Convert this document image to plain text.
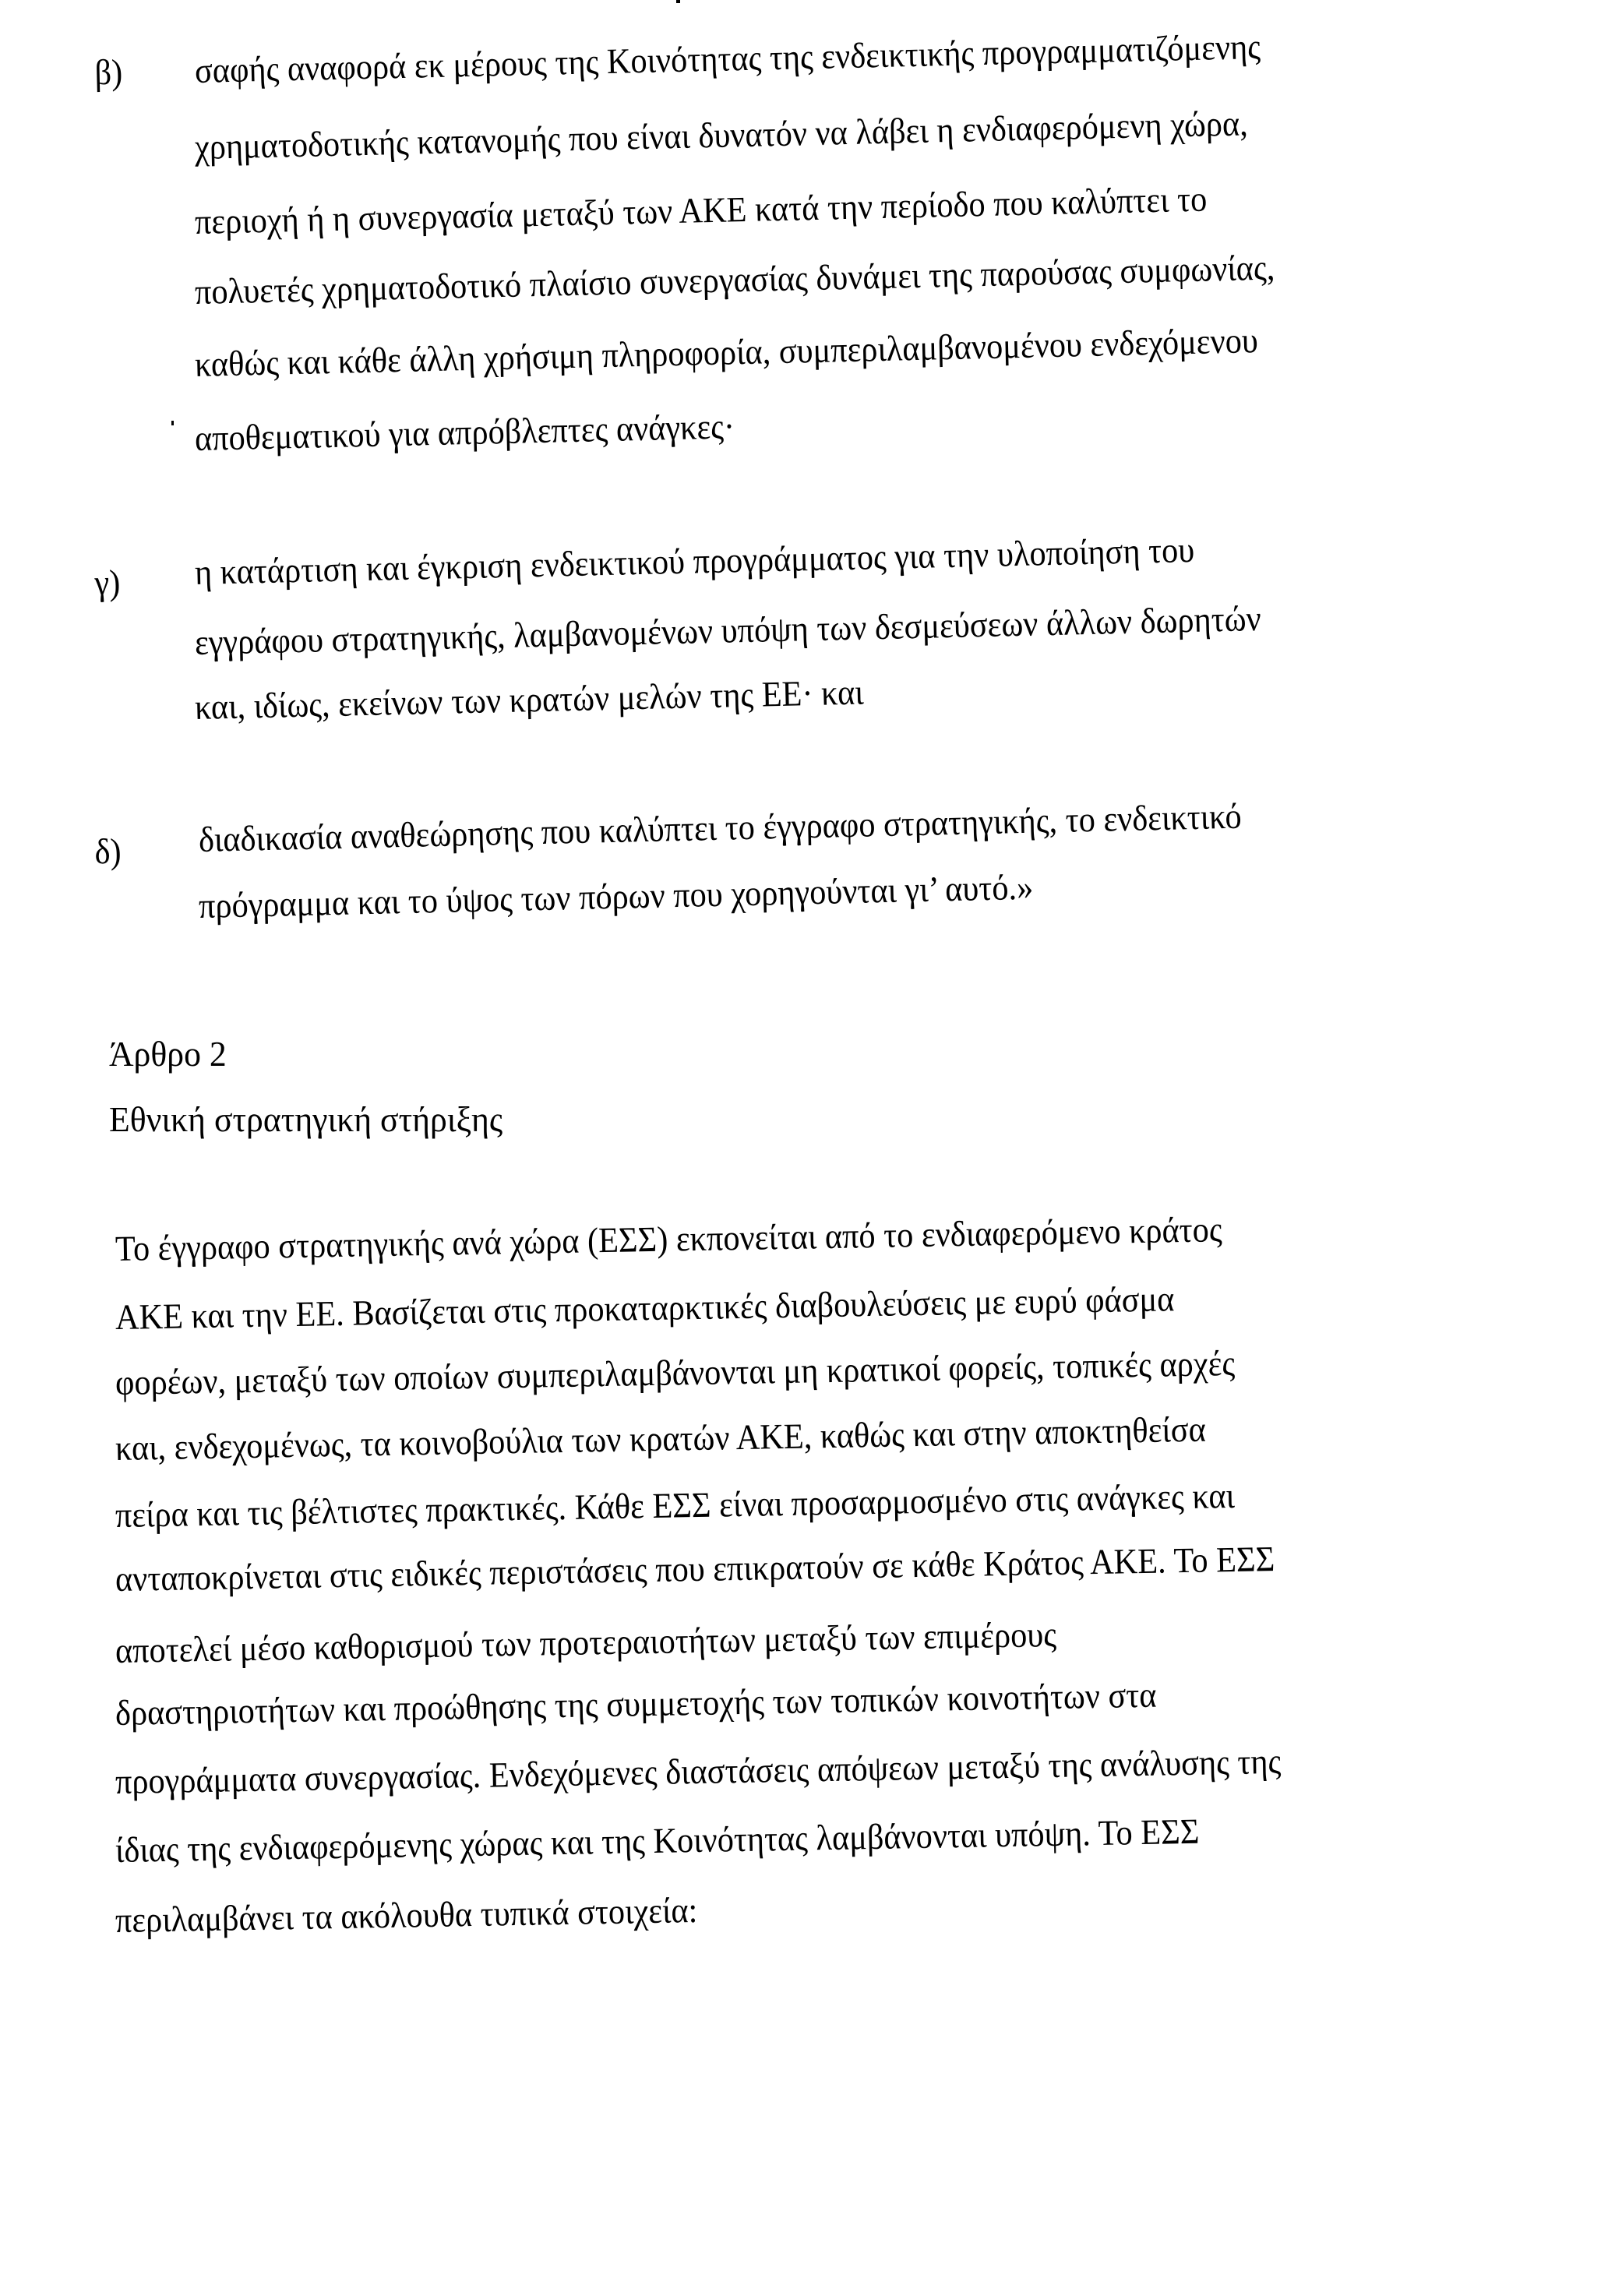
β) σαφής αναφορά εκ μέρους της Κοινότητας της ενδεικτικής προγραμματιζόμενης
χρηματοδοτικής κατανομής που είναι δυνατόν να λάβει η ενδιαφερόμενη χώρα,
περιοχή ή η συνεργασία μεταξύ των ΑΚΕ κατά την περίοδο που καλύπτει το
πολυετές χρηματοδοτικό πλαίσιο συνεργασίας δυνάμει της παρούσας συμφωνίας,
καθώς και κάθε άλλη χρήσιμη πληροφορία, συμπεριλαμβανομένου ενδεχόμενου
αποθεματικού για απρόβλεπτες ανάγκες·
γ) η κατάρτιση και έγκριση ενδεικτικού προγράμματος για την υλοποίηση του
εγγράφου στρατηγικής, λαμβανομένων υπόψη των δεσμεύσεων άλλων δωρητών
και, ιδίως, εκείνων των κρατών μελών της ΕΕ· και
δ) διαδικασία αναθεώρησης που καλύπτει το έγγραφο στρατηγικής, το ενδεικτικό
πρόγραμμα και το ύψος των πόρων που χορηγούνται γι’ αυτό.»
Άρθρο 2
Εθνική στρατηγική στήριξης
Το έγγραφο στρατηγικής ανά χώρα (ΕΣΣ) εκπονείται από το ενδιαφερόμενο κράτος
ΑΚΕ και την ΕΕ. Βασίζεται στις προκαταρκτικές διαβουλεύσεις με ευρύ φάσμα
φορέων, μεταξύ των οποίων συμπεριλαμβάνονται μη κρατικοί φορείς, τοπικές αρχές
και, ενδεχομένως, τα κοινοβούλια των κρατών ΑΚΕ, καθώς και στην αποκτηθείσα
πείρα και τις βέλτιστες πρακτικές. Κάθε ΕΣΣ είναι προσαρμοσμένο στις ανάγκες και
ανταποκρίνεται στις ειδικές περιστάσεις που επικρατούν σε κάθε Κράτος ΑΚΕ. Το ΕΣΣ
αποτελεί μέσο καθορισμού των προτεραιοτήτων μεταξύ των επιμέρους
δραστηριοτήτων και προώθησης της συμμετοχής των τοπικών κοινοτήτων στα
προγράμματα συνεργασίας. Ενδεχόμενες διαστάσεις απόψεων μεταξύ της ανάλυσης της
ίδιας της ενδιαφερόμενης χώρας και της Κοινότητας λαμβάνονται υπόψη. Το ΕΣΣ
περιλαμβάνει τα ακόλουθα τυπικά στοιχεία:
